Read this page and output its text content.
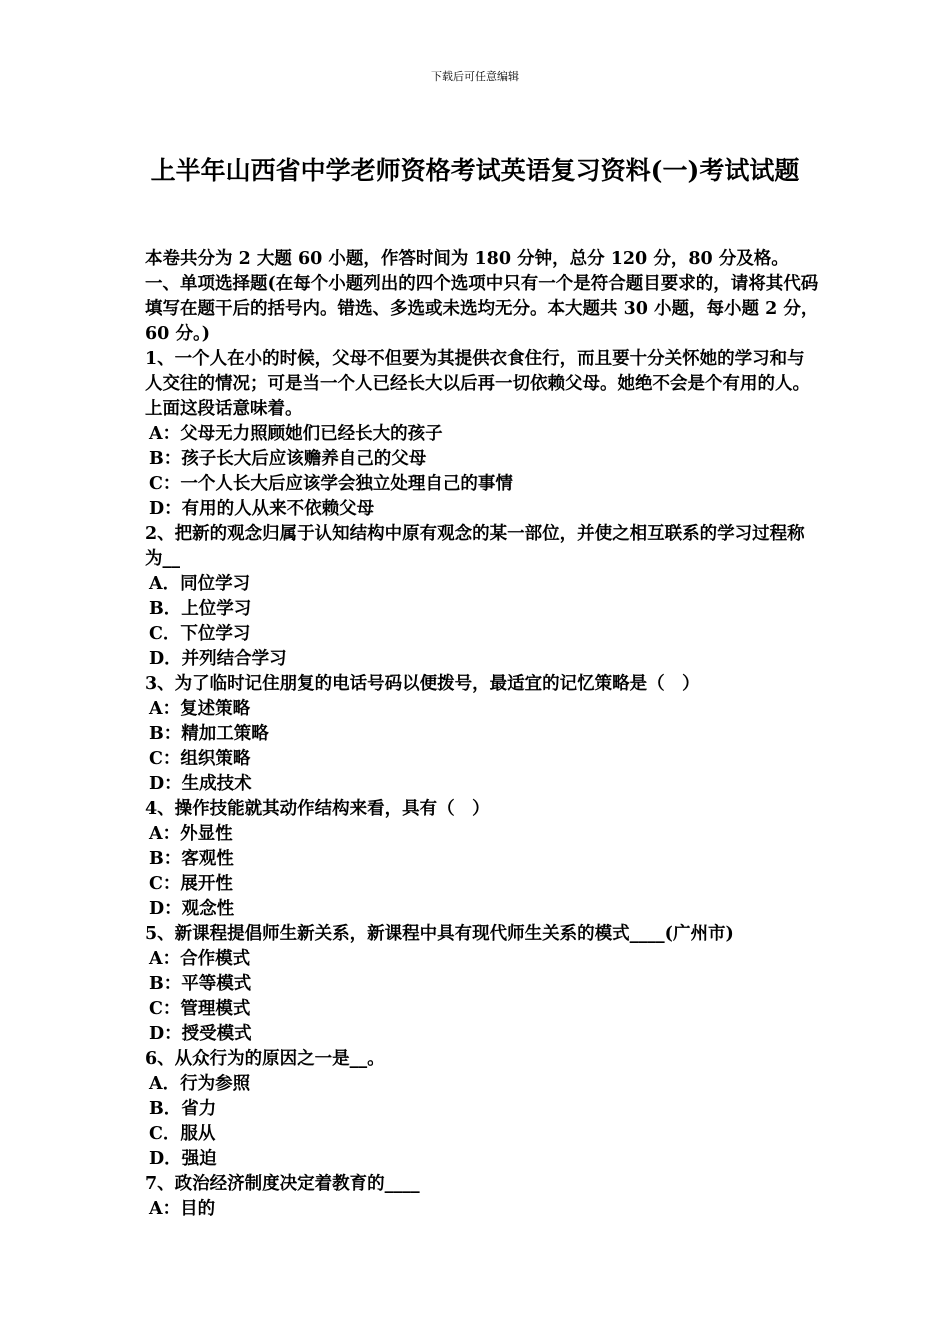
下载后可任意编辑
上半年山西省中学老师资格考试英语复习资料(一)考试试题

本卷共分为 2 大题 60 小题，作答时间为 180 分钟，总分 120 分，80 分及格。

一、单项选择题(在每个小题列出的四个选项中只有一个是符合题目要求的，请将其代码填写在题干后的括号内。错选、多选或未选均无分。本大题共 30 小题，每小题 2 分，60 分。)

1、一个人在小的时候，父母不但要为其提供衣食住行，而且要十分关怀她的学习和与人交往的情况；可是当一个人已经长大以后再一切依赖父母。她绝不会是个有用的人。上面这段话意味着。

A：父母无力照顾她们已经长大的孩子

B：孩子长大后应该赡养自己的父母

C：一个人长大后应该学会独立处理自己的事情

D：有用的人从来不依赖父母

2、把新的观念归属于认知结构中原有观念的某一部位，并使之相互联系的学习过程称为__

A．同位学习

B．上位学习

C．下位学习

D．并列结合学习

3、为了临时记住朋复的电话号码以便拨号，最适宜的记忆策略是（　）

A：复述策略

B：精加工策略

C：组织策略

D：生成技术

4、操作技能就其动作结构来看，具有（　）

A：外显性

B：客观性

C：展开性

D：观念性

5、新课程提倡师生新关系，新课程中具有现代师生关系的模式____(广州市)

A：合作模式

B：平等模式

C：管理模式

D：授受模式

6、从众行为的原因之一是__。

A．行为参照

B．省力

C．服从

D．强迫

7、政治经济制度决定着教育的____

A：目的
